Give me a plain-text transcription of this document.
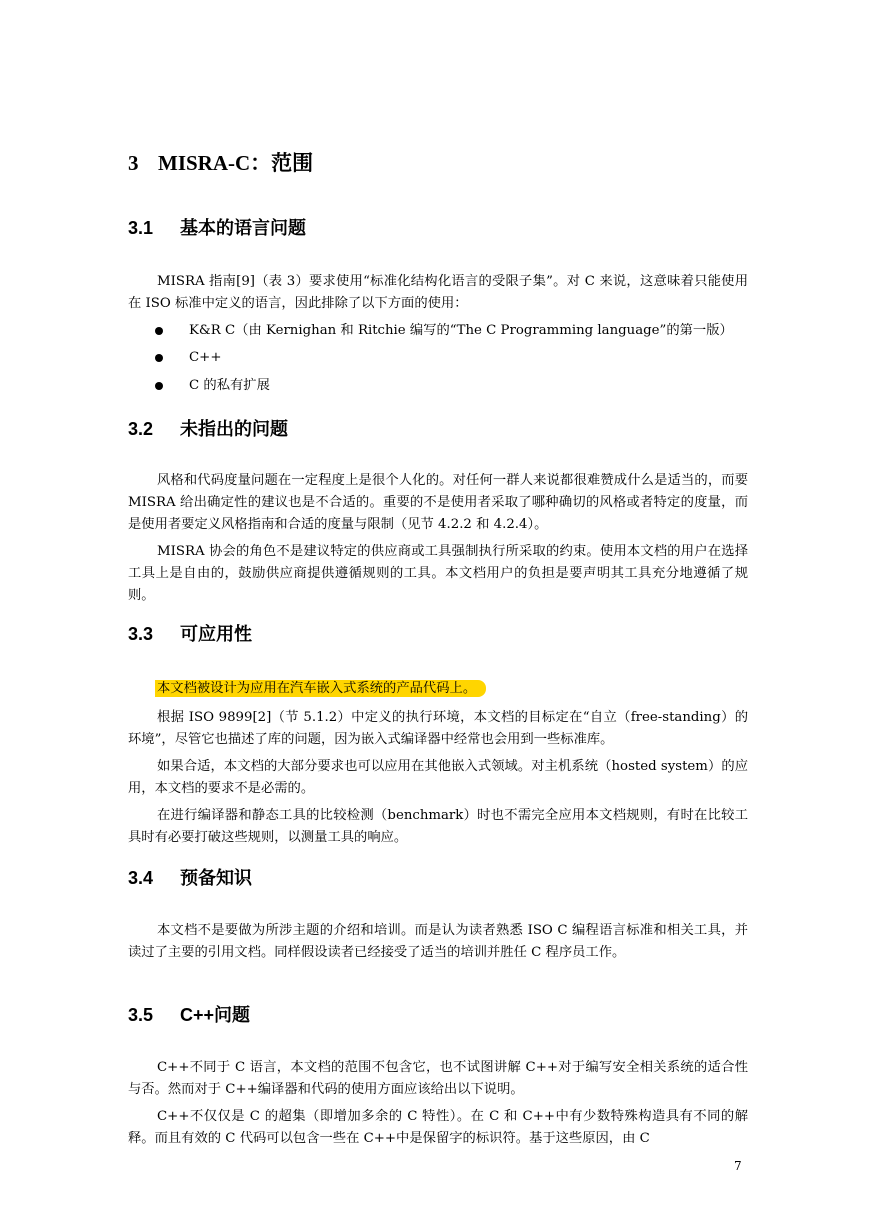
3 MISRA-C：范围
3.1 基本的语言问题

MISRA 指南[9]（表 3）要求使用“标准化结构化语言的受限子集”。对 C 来说，这意味着只能使用在 ISO 标准中定义的语言，因此排除了以下方面的使用：

K&R C（由 Kernighan 和 Ritchie 编写的“The C Programming language”的第一版）
C++
C 的私有扩展
3.2 未指出的问题

风格和代码度量问题在一定程度上是很个人化的。对任何一群人来说都很难赞成什么是适当的，而要 MISRA 给出确定性的建议也是不合适的。重要的不是使用者采取了哪种确切的风格或者特定的度量，而是使用者要定义风格指南和合适的度量与限制（见节 4.2.2 和 4.2.4）。

MISRA 协会的角色不是建议特定的供应商或工具强制执行所采取的约束。使用本文档的用户在选择工具上是自由的，鼓励供应商提供遵循规则的工具。本文档用户的负担是要声明其工具充分地遵循了规则。

3.3 可应用性

本文档被设计为应用在汽车嵌入式系统的产品代码上。

根据 ISO 9899[2]（节 5.1.2）中定义的执行环境，本文档的目标定在“自立（free-standing）的环境”，尽管它也描述了库的问题，因为嵌入式编译器中经常也会用到一些标准库。

如果合适，本文档的大部分要求也可以应用在其他嵌入式领域。对主机系统（hosted system）的应用，本文档的要求不是必需的。

在进行编译器和静态工具的比较检测（benchmark）时也不需完全应用本文档规则，有时在比较工具时有必要打破这些规则，以测量工具的响应。

3.4 预备知识

本文档不是要做为所涉主题的介绍和培训。而是认为读者熟悉 ISO C 编程语言标准和相关工具，并读过了主要的引用文档。同样假设读者已经接受了适当的培训并胜任 C 程序员工作。

3.5 C++问题

C++不同于 C 语言，本文档的范围不包含它，也不试图讲解 C++对于编写安全相关系统的适合性与否。然而对于 C++编译器和代码的使用方面应该给出以下说明。

C++不仅仅是 C 的超集（即增加多余的 C 特性）。在 C 和 C++中有少数特殊构造具有不同的解释。而且有效的 C 代码可以包含一些在 C++中是保留字的标识符。基于这些原因，由 C

7
